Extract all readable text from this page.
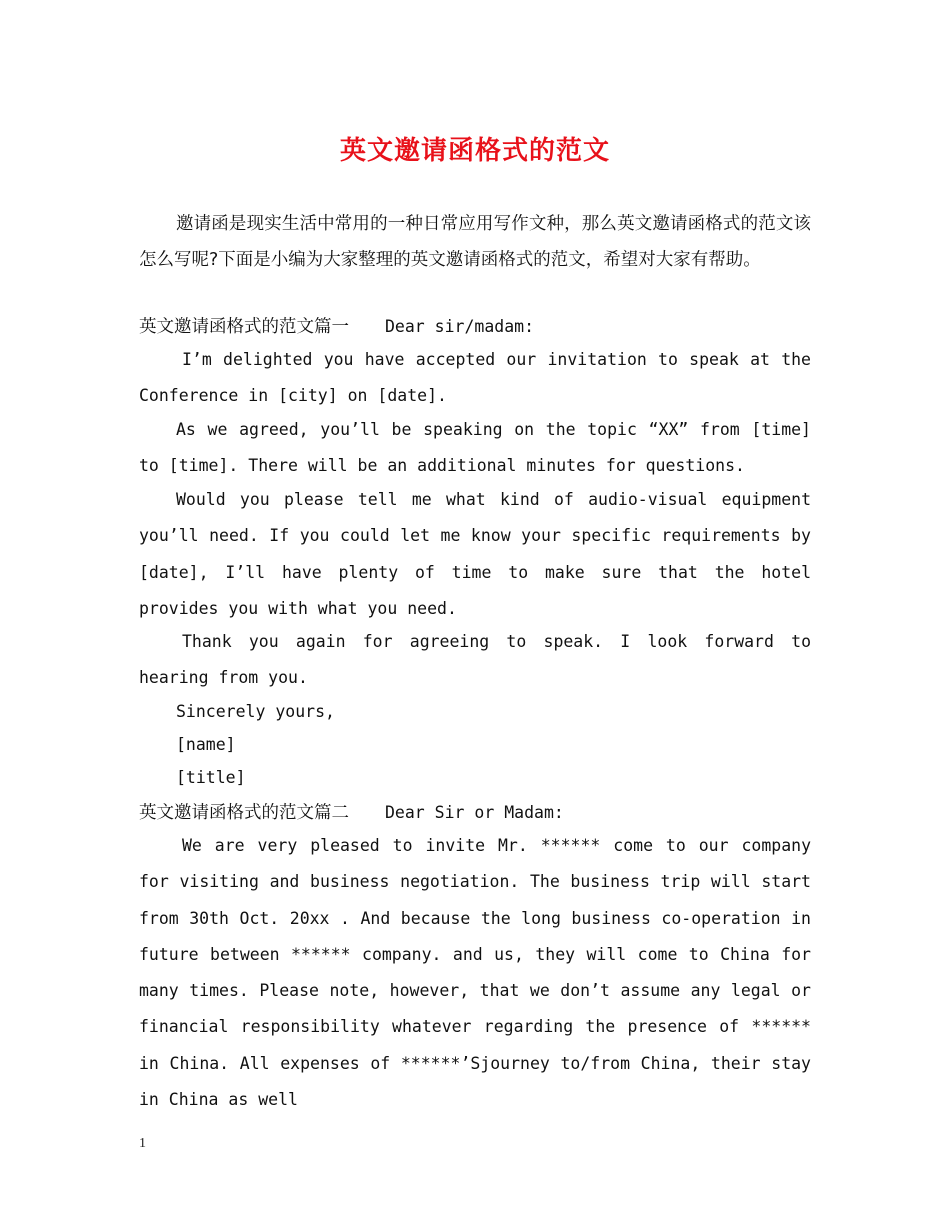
英文邀请函格式的范文

邀请函是现实生活中常用的一种日常应用写作文种，那么英文邀请函格式的范文该怎么写呢?下面是小编为大家整理的英文邀请函格式的范文，希望对大家有帮助。

英文邀请函格式的范文篇一 Dear sir/madam:

I’m delighted you have accepted our invitation to speak at the Conference in [city] on [date].

As we agreed, you’ll be speaking on the topic “XX” from [time] to [time]. There will be an additional minutes for questions.

Would you please tell me what kind of audio-visual equipment you’ll need. If you could let me know your specific requirements by [date], I’ll have plenty of time to make sure that the hotel provides you with what you need.

Thank you again for agreeing to speak. I look forward to hearing from you.

Sincerely yours,

[name]

[title]

英文邀请函格式的范文篇二 Dear Sir or Madam:

We are very pleased to invite Mr. ****** come to our company for visiting and business negotiation. The business trip will start from 30th Oct. 20xx . And because the long business co-operation in future between ****** company. and us, they will come to China for many times. Please note, however, that we don’t assume any legal or financial responsibility whatever regarding the presence of ****** in China. All expenses of ******’Sjourney to/from China, their stay in China as well

1
